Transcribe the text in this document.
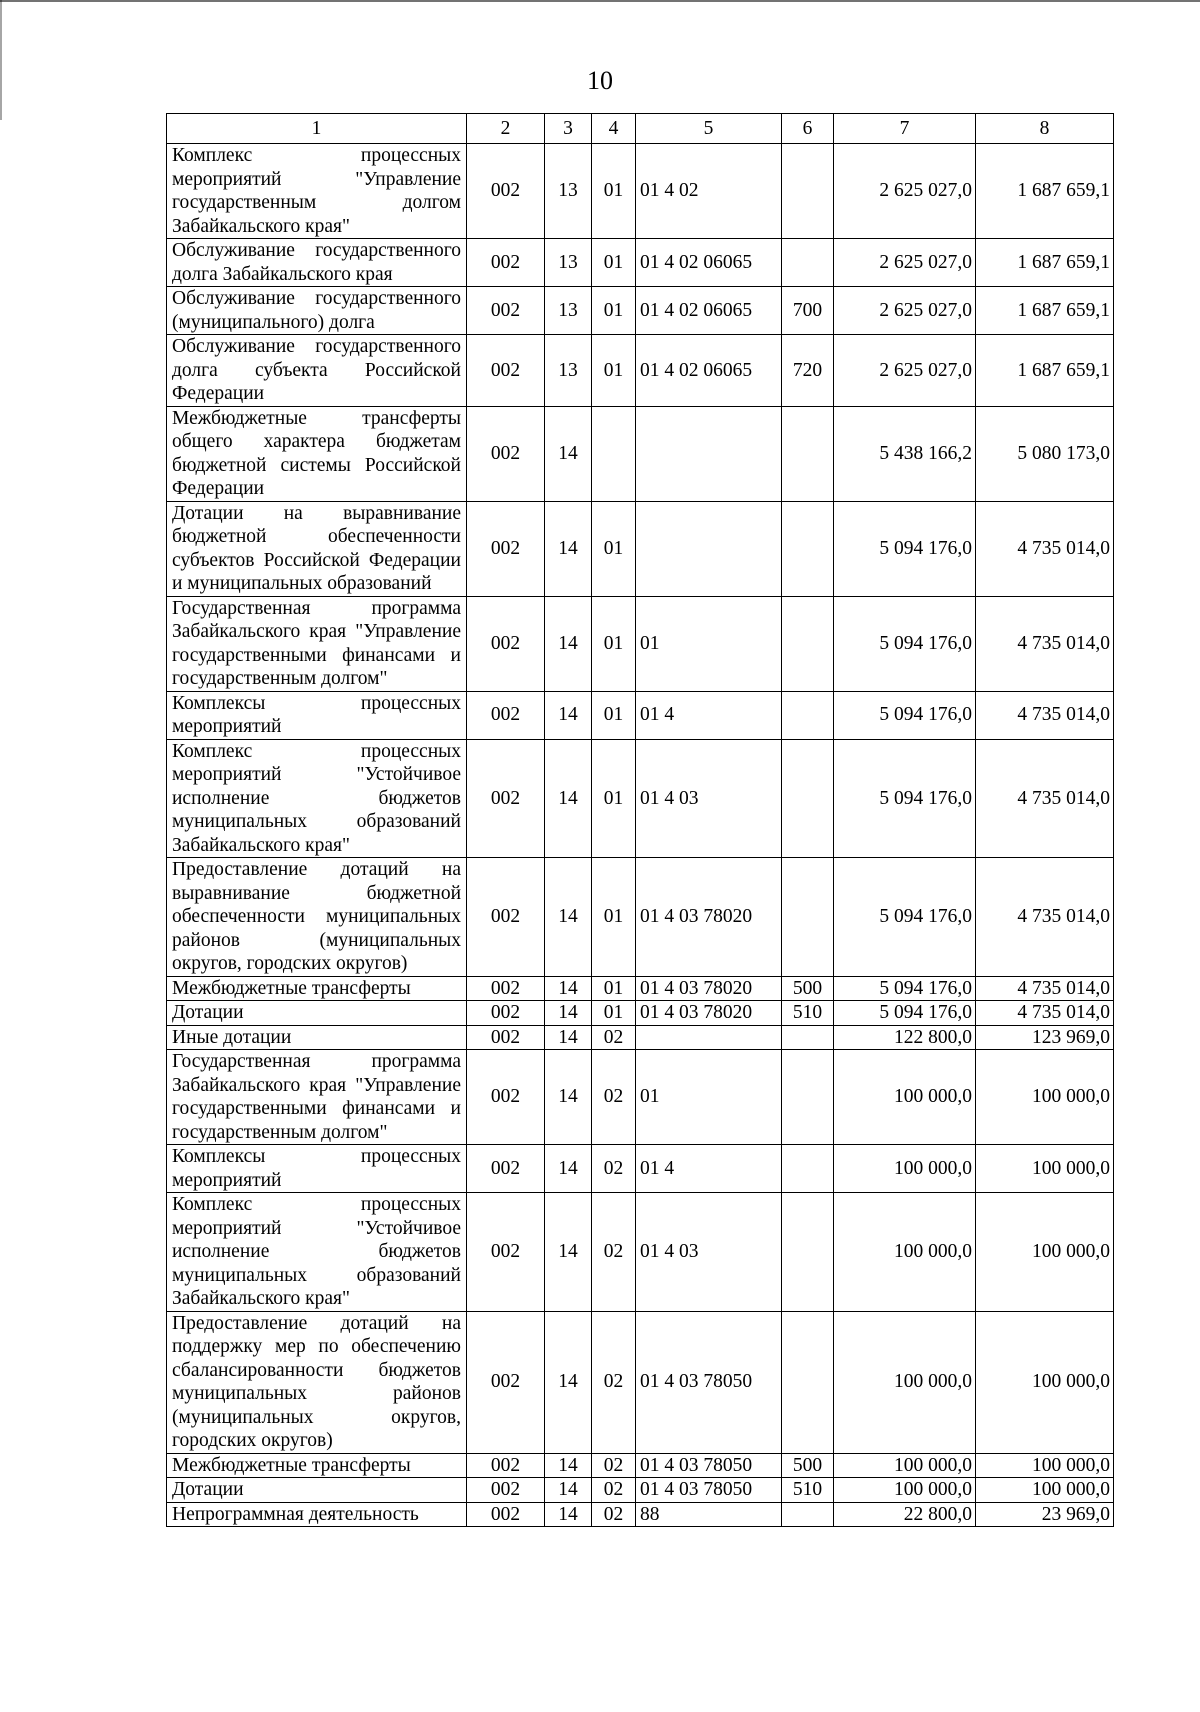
10
1	2	3	4	5	6	7	8
Комплекс процессных мероприятий "Управление государственным долгом Забайкальского края"	002	13	01	01 4 02		2 625 027,0	1 687 659,1
Обслуживание государственного долга Забайкальского края	002	13	01	01 4 02 06065		2 625 027,0	1 687 659,1
Обслуживание государственного (муниципального) долга	002	13	01	01 4 02 06065	700	2 625 027,0	1 687 659,1
Обслуживание государственного долга субъекта Российской Федерации	002	13	01	01 4 02 06065	720	2 625 027,0	1 687 659,1
Межбюджетные трансферты общего характера бюджетам бюджетной системы Российской Федерации	002	14				5 438 166,2	5 080 173,0
Дотации на выравнивание бюджетной обеспеченности субъектов Российской Федерации и муниципальных образований	002	14	01			5 094 176,0	4 735 014,0
Государственная программа Забайкальского края "Управление государственными финансами и государственным долгом"	002	14	01	01		5 094 176,0	4 735 014,0
Комплексы процессных мероприятий	002	14	01	01 4		5 094 176,0	4 735 014,0
Комплекс процессных мероприятий "Устойчивое исполнение бюджетов муниципальных образований Забайкальского края"	002	14	01	01 4 03		5 094 176,0	4 735 014,0
Предоставление дотаций на выравнивание бюджетной обеспеченности муниципальных районов (муниципальных округов, городских округов)	002	14	01	01 4 03 78020		5 094 176,0	4 735 014,0
Межбюджетные трансферты	002	14	01	01 4 03 78020	500	5 094 176,0	4 735 014,0
Дотации	002	14	01	01 4 03 78020	510	5 094 176,0	4 735 014,0
Иные дотации	002	14	02			122 800,0	123 969,0
Государственная программа Забайкальского края "Управление государственными финансами и государственным долгом"	002	14	02	01		100 000,0	100 000,0
Комплексы процессных мероприятий	002	14	02	01 4		100 000,0	100 000,0
Комплекс процессных мероприятий "Устойчивое исполнение бюджетов муниципальных образований Забайкальского края"	002	14	02	01 4 03		100 000,0	100 000,0
Предоставление дотаций на поддержку мер по обеспечению сбалансированности бюджетов муниципальных районов (муниципальных округов, городских округов)	002	14	02	01 4 03 78050		100 000,0	100 000,0
Межбюджетные трансферты	002	14	02	01 4 03 78050	500	100 000,0	100 000,0
Дотации	002	14	02	01 4 03 78050	510	100 000,0	100 000,0
Непрограммная деятельность	002	14	02	88		22 800,0	23 969,0
